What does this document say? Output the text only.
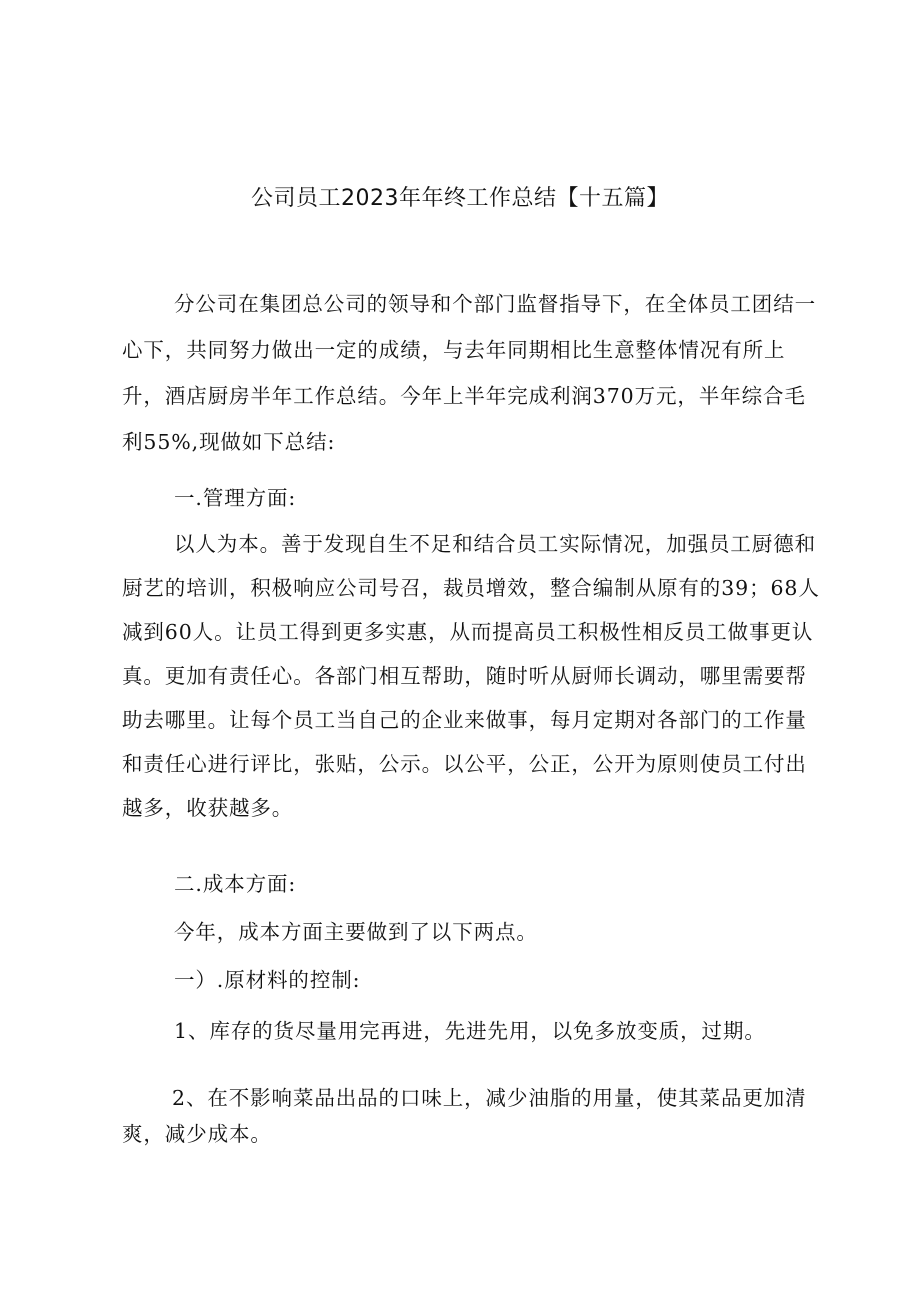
公司员工2023年年终工作总结【十五篇】

分公司在集团总公司的领导和个部门监督指导下，在全体员工团结一心下，共同努力做出一定的成绩，与去年同期相比生意整体情况有所上升，酒店厨房半年工作总结。今年上半年完成利润370万元，半年综合毛利55%,现做如下总结:

一.管理方面:

以人为本。善于发现自生不足和结合员工实际情况，加强员工厨德和厨艺的培训，积极响应公司号召，裁员增效，整合编制从原有的39；68人减到60人。让员工得到更多实惠，从而提高员工积极性相反员工做事更认真。更加有责任心。各部门相互帮助，随时听从厨师长调动，哪里需要帮助去哪里。让每个员工当自己的企业来做事，每月定期对各部门的工作量和责任心进行评比，张贴，公示。以公平，公正，公开为原则使员工付出越多，收获越多。

二.成本方面:

今年，成本方面主要做到了以下两点。

一）.原材料的控制:

1、库存的货尽量用完再进，先进先用，以免多放变质，过期。

2、在不影响菜品出品的口味上，减少油脂的用量，使其菜品更加清爽，减少成本。
